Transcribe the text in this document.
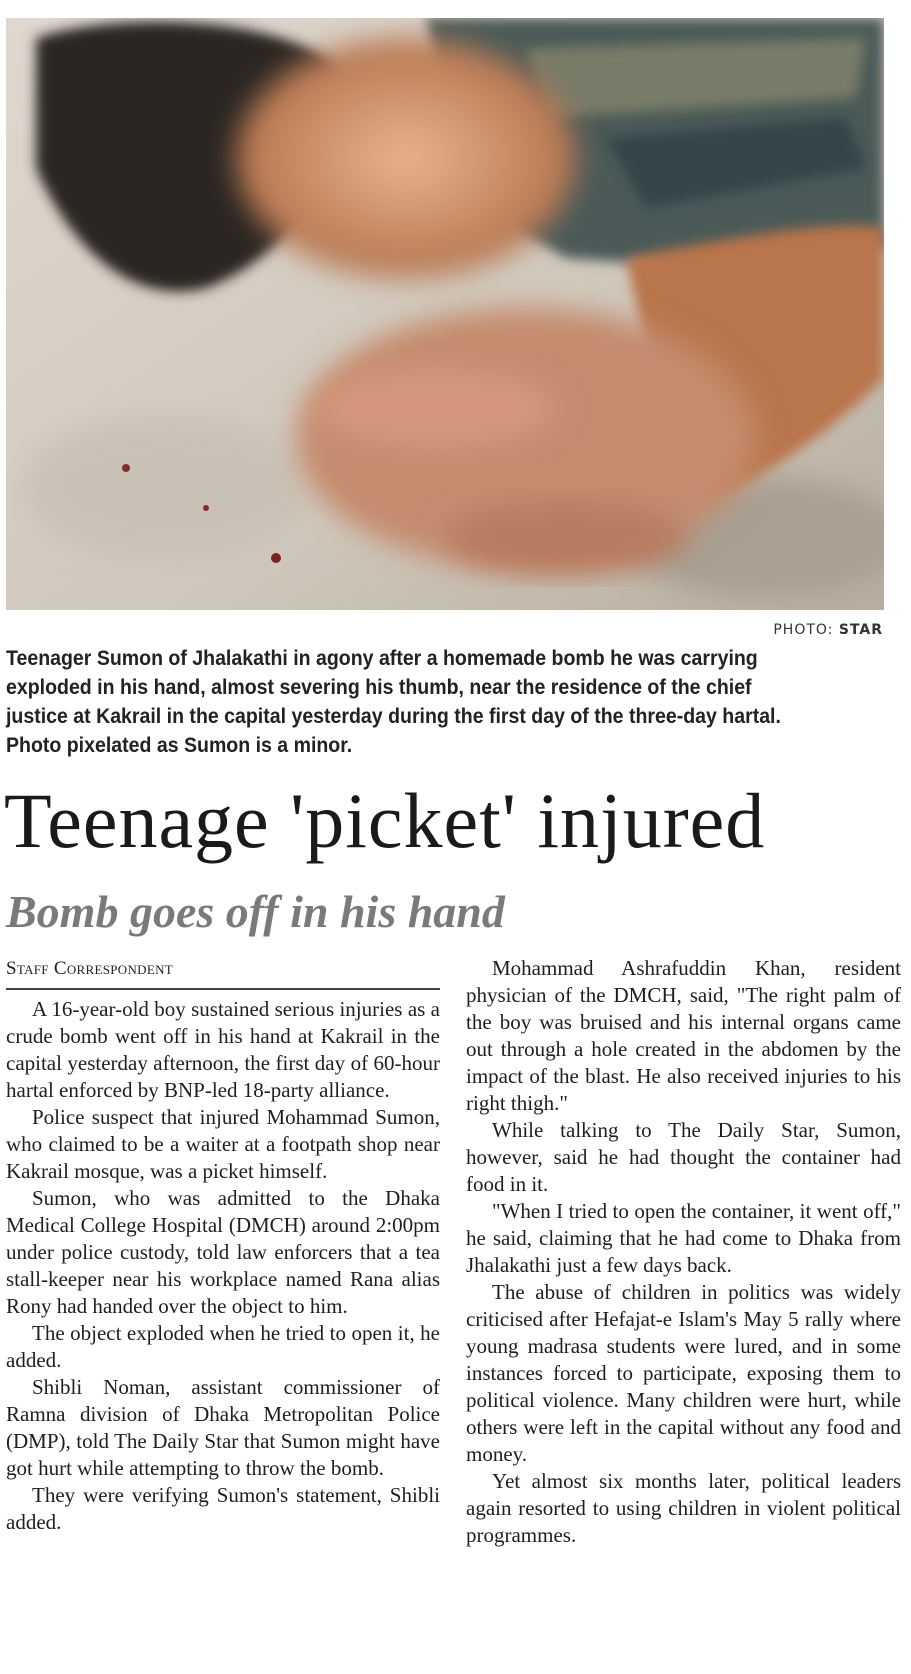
PHOTO: STAR

Teenager Sumon of Jhalakathi in agony after a homemade bomb he was carrying

exploded in his hand, almost severing his thumb, near the residence of the chief

justice at Kakrail in the capital yesterday during the first day of the three-day hartal.

Photo pixelated as Sumon is a minor.

Teenage 'picket' injured
Bomb goes off in his hand
Staff Correspondent

A 16-year-old boy sustained serious injuries as a crude bomb went off in his hand at Kakrail in the capital yesterday afternoon, the first day of 60-hour hartal enforced by BNP-led 18-party alliance.

Police suspect that injured Mohammad Sumon, who claimed to be a waiter at a footpath shop near Kakrail mosque, was a picket himself.

Sumon, who was admitted to the Dhaka Medical College Hospital (DMCH) around 2:00pm under police custody, told law enforcers that a tea stall-keeper near his workplace named Rana alias Rony had handed over the object to him.

The object exploded when he tried to open it, he added.

Shibli Noman, assistant commissioner of Ramna division of Dhaka Metropolitan Police (DMP), told The Daily Star that Sumon might have got hurt while attempting to throw the bomb.

They were verifying Sumon's statement, Shibli added.

Mohammad Ashrafuddin Khan, resident physician of the DMCH, said, "The right palm of the boy was bruised and his internal organs came out through a hole created in the abdomen by the impact of the blast. He also received injuries to his right thigh."

While talking to The Daily Star, Sumon, however, said he had thought the container had food in it.

"When I tried to open the container, it went off," he said, claiming that he had come to Dhaka from Jhalakathi just a few days back.

The abuse of children in politics was widely criticised after Hefajat-e Islam's May 5 rally where young madrasa students were lured, and in some instances forced to participate, exposing them to political violence. Many children were hurt, while others were left in the capital without any food and money.

Yet almost six months later, political leaders again resorted to using children in violent political programmes.
